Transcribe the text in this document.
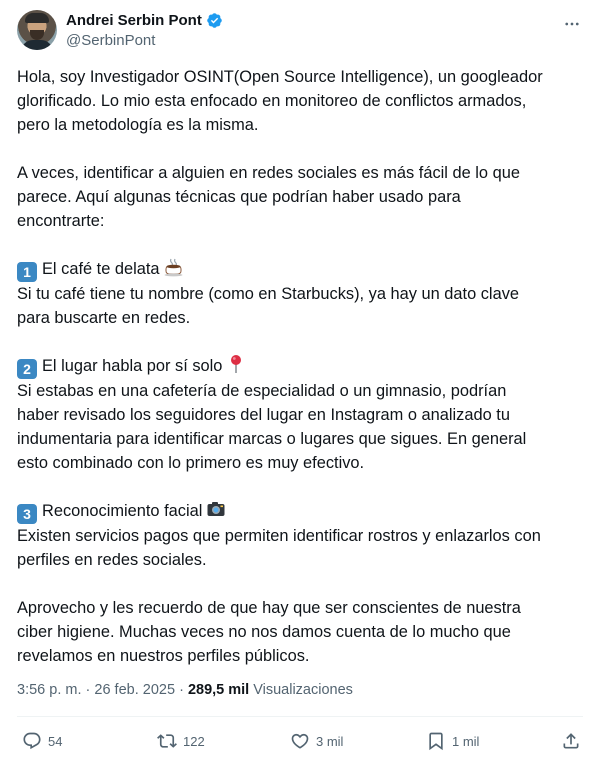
Andrei Serbin Pont
@SerbinPont

Hola, soy Investigador OSINT(Open Source Intelligence), un googleador

glorificado. Lo mio esta enfocado en monitoreo de conflictos armados,

pero la metodología es la misma.

A veces, identificar a alguien en redes sociales es más fácil de lo que

parece. Aquí algunas técnicas que podrían haber usado para

encontrarte:

1 El café te delata

Si tu café tiene tu nombre (como en Starbucks), ya hay un dato clave

para buscarte en redes.

2 El lugar habla por sí solo

Si estabas en una cafetería de especialidad o un gimnasio, podrían

haber revisado los seguidores del lugar en Instagram o analizado tu

indumentaria para identificar marcas o lugares que sigues. En general

esto combinado con lo primero es muy efectivo.

3 Reconocimiento facial

Existen servicios pagos que permiten identificar rostros y enlazarlos con

perfiles en redes sociales.

Aprovecho y les recuerdo de que hay que ser conscientes de nuestra

ciber higiene. Muchas veces no nos damos cuenta de lo mucho que

revelamos en nuestros perfiles públicos.

3:56 p. m. · 26 feb. 2025 · 289,5 mil Visualizaciones
54	122	3 mil	1 mil
